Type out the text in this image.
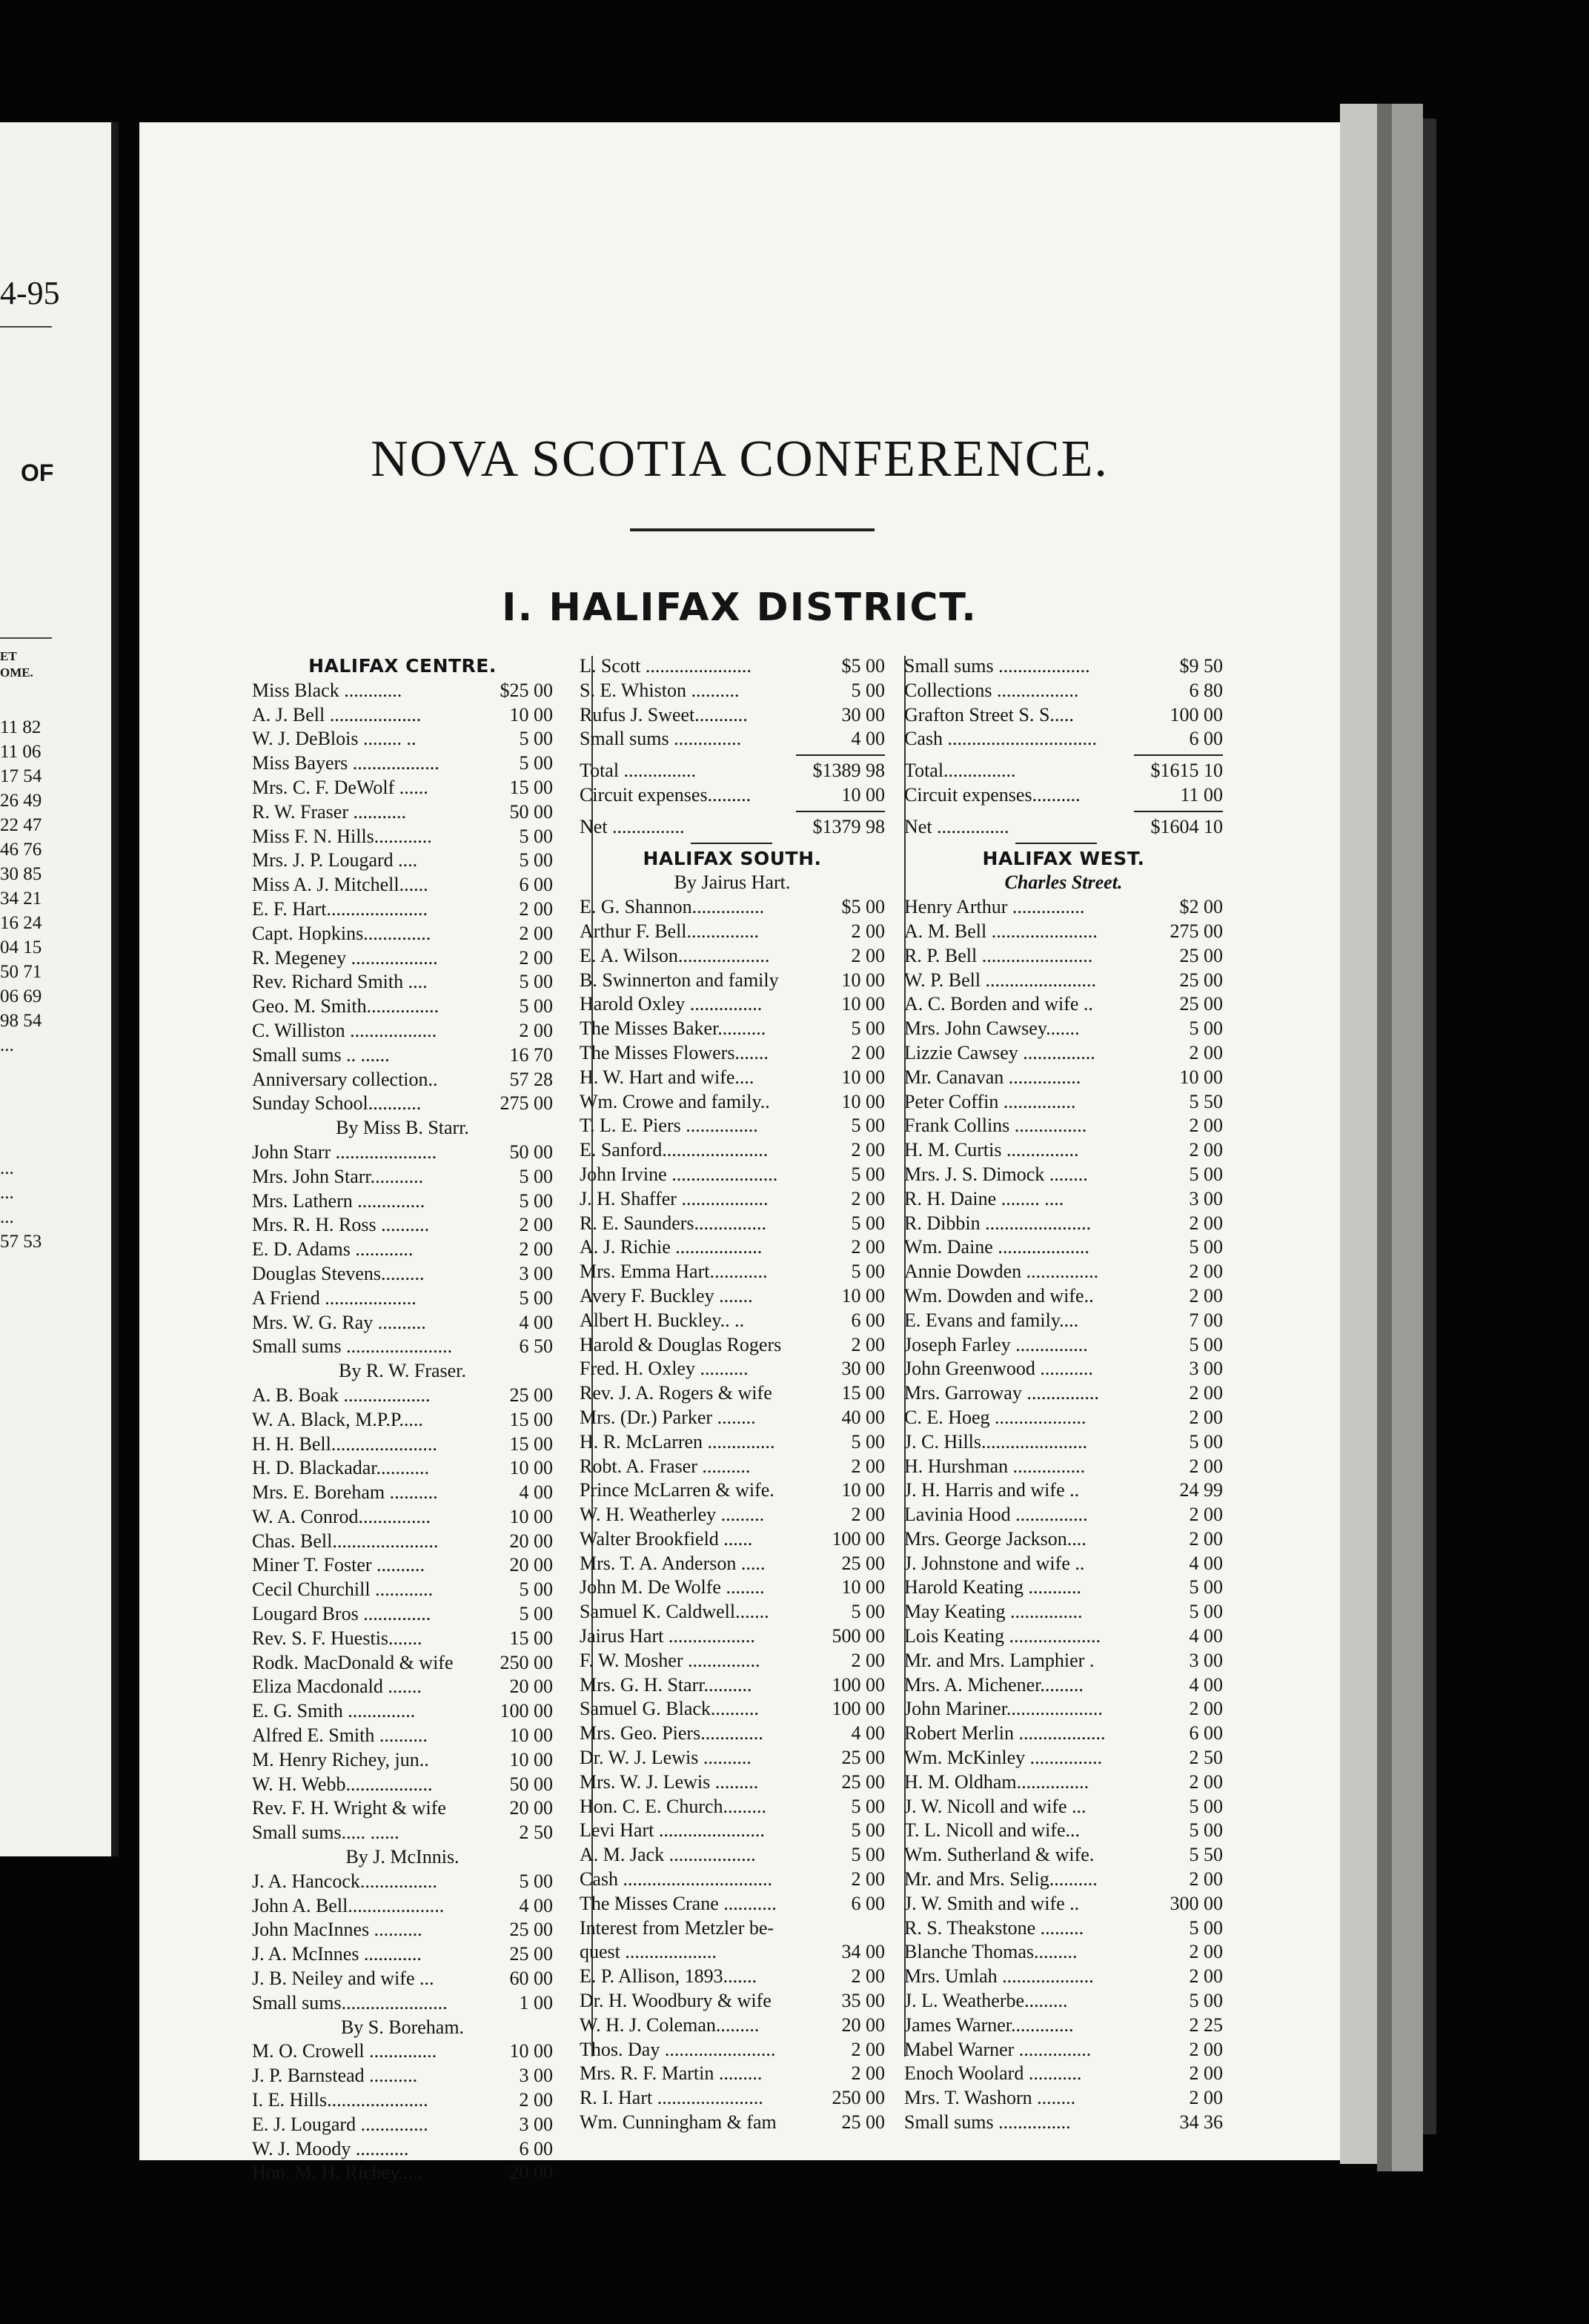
4-95
OF
ET
OME.
11 82
11 06
17 54
26 49
22 47
46 76
30 85
34 21
16 24
04 15
50 71
06 69
98 54
...
...
...
...
57 53
NOVA SCOTIA CONFERENCE.
I. HALIFAX DISTRICT.
HALIFAX CENTRE.
Miss Black ............	$25 00
A. J. Bell ...................	10 00
W. J. DeBlois ........ ..	5 00
Miss Bayers ..................	5 00
Mrs. C. F. DeWolf ......	15 00
R. W. Fraser ...........	50 00
Miss F. N. Hills............	5 00
Mrs. J. P. Lougard ....	5 00
Miss A. J. Mitchell......	6 00
E. F. Hart.....................	2 00
Capt. Hopkins..............	2 00
R. Megeney ..................	2 00
Rev. Richard Smith ....	5 00
Geo. M. Smith...............	5 00
C. Williston ..................	2 00
Small sums .. ......	16 70
Anniversary collection..	57 28
Sunday School...........	275 00
By Miss B. Starr.
John Starr .....................	50 00
Mrs. John Starr...........	5 00
Mrs. Lathern ..............	5 00
Mrs. R. H. Ross ..........	2 00
E. D. Adams ............	2 00
Douglas Stevens.........	3 00
A Friend ...................	5 00
Mrs. W. G. Ray ..........	4 00
Small sums ......................	6 50
By R. W. Fraser.
A. B. Boak ..................	25 00
W. A. Black, M.P.P.....	15 00
H. H. Bell......................	15 00
H. D. Blackadar...........	10 00
Mrs. E. Boreham ..........	4 00
W. A. Conrod...............	10 00
Chas. Bell......................	20 00
Miner T. Foster ..........	20 00
Cecil Churchill ............	5 00
Lougard Bros ..............	5 00
Rev. S. F. Huestis.......	15 00
Rodk. MacDonald & wife	250 00
Eliza Macdonald .......	20 00
E. G. Smith ..............	100 00
Alfred E. Smith ..........	10 00
M. Henry Richey, jun..	10 00
W. H. Webb..................	50 00
Rev. F. H. Wright & wife	20 00
Small sums..... ......	2 50
By J. McInnis.
J. A. Hancock................	5 00
John A. Bell....................	4 00
John MacInnes ..........	25 00
J. A. McInnes ............	25 00
J. B. Neiley and wife ...	60 00
Small sums......................	1 00
By S. Boreham.
M. O. Crowell ..............	10 00
J. P. Barnstead ..........	3 00
I. E. Hills.....................	2 00
E. J. Lougard ..............	3 00
W. J. Moody ...........	6 00
Hon. M. H. Richey.....	20 00
L. Scott ......................	$5 00
S. E. Whiston ..........	5 00
Rufus J. Sweet...........	30 00
Small sums ..............	4 00
Total ...............	$1389 98
Circuit expenses.........	10 00
Net ...............	$1379 98
HALIFAX SOUTH.
By Jairus Hart.
E. G. Shannon...............	$5 00
Arthur F. Bell...............	2 00
E. A. Wilson...................	2 00
B. Swinnerton and family	10 00
Harold Oxley ...............	10 00
The Misses Baker..........	5 00
The Misses Flowers.......	2 00
H. W. Hart and wife....	10 00
Wm. Crowe and family..	10 00
T. L. E. Piers ...............	5 00
E. Sanford......................	2 00
John Irvine ......................	5 00
J. H. Shaffer ..................	2 00
R. E. Saunders...............	5 00
A. J. Richie ..................	2 00
Mrs. Emma Hart............	5 00
Avery F. Buckley .......	10 00
Albert H. Buckley.. ..	6 00
Harold & Douglas Rogers	2 00
Fred. H. Oxley ..........	30 00
Rev. J. A. Rogers & wife	15 00
Mrs. (Dr.) Parker ........	40 00
H. R. McLarren ..............	5 00
Robt. A. Fraser ..........	2 00
Prince McLarren & wife.	10 00
W. H. Weatherley .........	2 00
Walter Brookfield ......	100 00
Mrs. T. A. Anderson .....	25 00
John M. De Wolfe ........	10 00
Samuel K. Caldwell.......	5 00
Jairus Hart ..................	500 00
F. W. Mosher ...............	2 00
Mrs. G. H. Starr..........	100 00
Samuel G. Black..........	100 00
Mrs. Geo. Piers.............	4 00
Dr. W. J. Lewis ..........	25 00
Mrs. W. J. Lewis .........	25 00
Hon. C. E. Church.........	5 00
Levi Hart ......................	5 00
A. M. Jack ..................	5 00
Cash ...............................	2 00
The Misses Crane ...........	6 00
Interest from Metzler be-
quest ...................	34 00
E. P. Allison, 1893.......	2 00
Dr. H. Woodbury & wife	35 00
W. H. J. Coleman.........	20 00
Thos. Day .......................	2 00
Mrs. R. F. Martin .........	2 00
R. I. Hart ......................	250 00
Wm. Cunningham & fam	25 00
Small sums ...................	$9 50
Collections .................	6 80
Grafton Street S. S.....	100 00
Cash ...............................	6 00
Total...............	$1615 10
Circuit expenses..........	11 00
Net ...............	$1604 10
HALIFAX WEST.
Charles Street.
Henry Arthur ...............	$2 00
A. M. Bell ......................	275 00
R. P. Bell .......................	25 00
W. P. Bell .......................	25 00
A. C. Borden and wife ..	25 00
Mrs. John Cawsey.......	5 00
Lizzie Cawsey ...............	2 00
Mr. Canavan ...............	10 00
Peter Coffin ...............	5 50
Frank Collins ...............	2 00
H. M. Curtis ...............	2 00
Mrs. J. S. Dimock ........	5 00
R. H. Daine ........ ....	3 00
R. Dibbin ......................	2 00
Wm. Daine ...................	5 00
Annie Dowden ...............	2 00
Wm. Dowden and wife..	2 00
E. Evans and family....	7 00
Joseph Farley ...............	5 00
John Greenwood ...........	3 00
Mrs. Garroway ...............	2 00
C. E. Hoeg ...................	2 00
J. C. Hills......................	5 00
H. Hurshman ...............	2 00
J. H. Harris and wife ..	24 99
Lavinia Hood ...............	2 00
Mrs. George Jackson....	2 00
J. Johnstone and wife ..	4 00
Harold Keating ...........	5 00
May Keating ...............	5 00
Lois Keating ...................	4 00
Mr. and Mrs. Lamphier .	3 00
Mrs. A. Michener.........	4 00
John Mariner....................	2 00
Robert Merlin ..................	6 00
Wm. McKinley ...............	2 50
H. M. Oldham...............	2 00
J. W. Nicoll and wife ...	5 00
T. L. Nicoll and wife...	5 00
Wm. Sutherland & wife.	5 50
Mr. and Mrs. Selig..........	2 00
J. W. Smith and wife ..	300 00
R. S. Theakstone .........	5 00
Blanche Thomas.........	2 00
Mrs. Umlah ...................	2 00
J. L. Weatherbe.........	5 00
James Warner.............	2 25
Mabel Warner ...............	2 00
Enoch Woolard ...........	2 00
Mrs. T. Washorn ........	2 00
Small sums ...............	34 36
